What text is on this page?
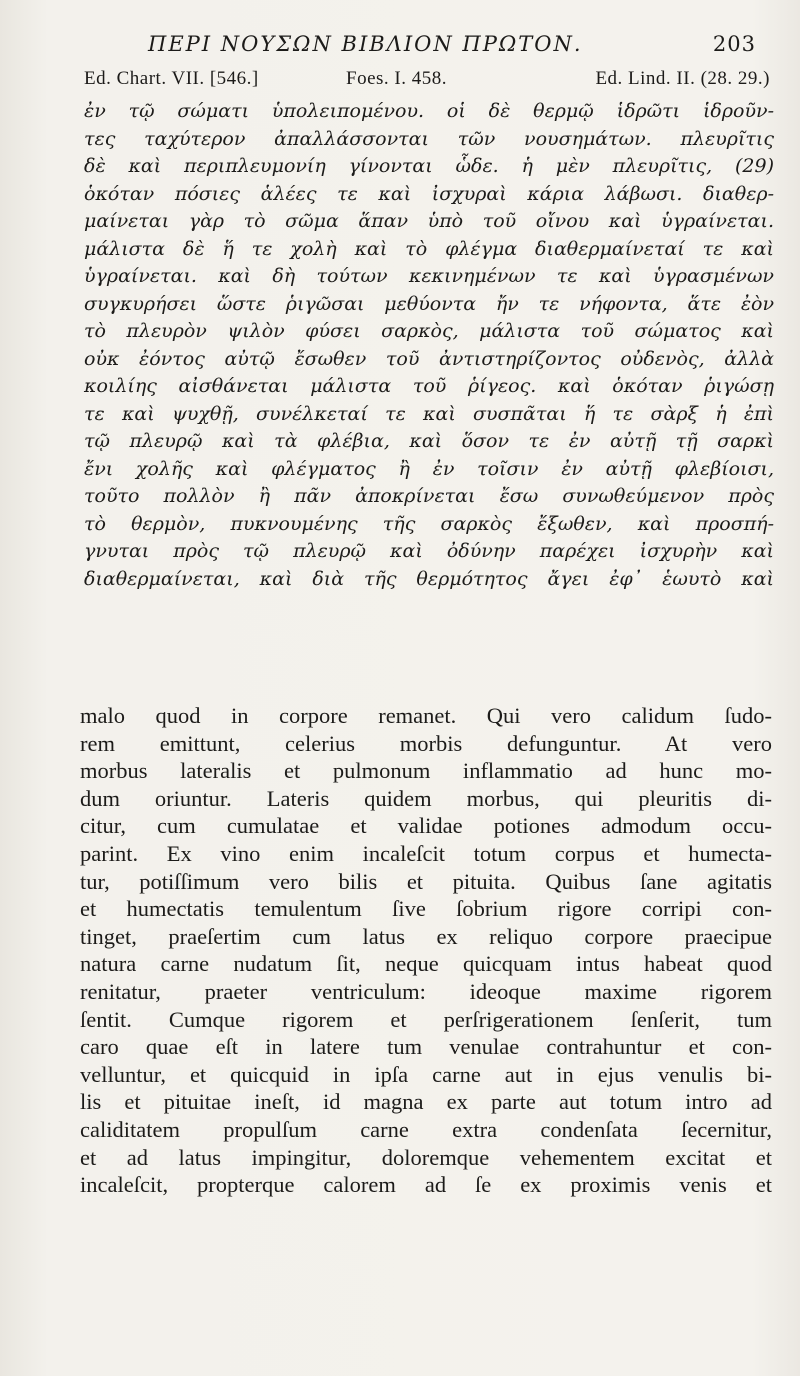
ΠΕΡΙ ΝΟΥΣΩΝ ΒΙΒΛΙΟΝ ΠΡΩΤΟΝ.	203
Ed. Chart. VII. [546.]	Foes. I. 458.	Ed. Lind. II. (28. 29.)
ἐν τῷ σώματι ὑπολειπομένου. οἱ δὲ θερμῷ ἱδρῶτι ἱδροῦν-
τες ταχύτερον ἀπαλλάσσονται τῶν νουσημάτων. πλευρῖτις
δὲ καὶ περιπλευμονίη γίνονται ὧδε. ἡ μὲν πλευρῖτις, (29)
ὁκόταν πόσιες ἁλέες τε καὶ ἰσχυραὶ κάρια λάβωσι. διαθερ-
μαίνεται γὰρ τὸ σῶμα ἅπαν ὑπὸ τοῦ οἴνου καὶ ὑγραίνεται.
μάλιστα δὲ ἥ τε χολὴ καὶ τὸ φλέγμα διαθερμαίνεταί τε καὶ
ὑγραίνεται. καὶ δὴ τούτων κεκινημένων τε καὶ ὑγρασμένων
συγκυρήσει ὥστε ῥιγῶσαι μεθύοντα ἤν τε νήφοντα, ἅτε ἐὸν
τὸ πλευρὸν ψιλὸν φύσει σαρκὸς, μάλιστα τοῦ σώματος καὶ
οὐκ ἐόντος αὐτῷ ἔσωθεν τοῦ ἀντιστηρίζοντος οὐδενὸς, ἀλλὰ
κοιλίης αἰσθάνεται μάλιστα τοῦ ῥίγεος. καὶ ὁκόταν ῥιγώσῃ
τε καὶ ψυχθῇ, συνέλκεταί τε καὶ συσπᾶται ἥ τε σὰρξ ἡ ἐπὶ
τῷ πλευρῷ καὶ τὰ φλέβια, καὶ ὅσον τε ἐν αὐτῇ τῇ σαρκὶ
ἔνι χολῆς καὶ φλέγματος ἢ ἐν τοῖσιν ἐν αὐτῇ φλεβίοισι,
τοῦτο πολλὸν ἢ πᾶν ἀποκρίνεται ἔσω συνωθεύμενον πρὸς
τὸ θερμὸν, πυκνουμένης τῆς σαρκὸς ἔξωθεν, καὶ προσπή-
γνυται πρὸς τῷ πλευρῷ καὶ ὀδύνην παρέχει ἰσχυρὴν καὶ
διαθερμαίνεται, καὶ διὰ τῆς θερμότητος ἄγει ἐφ᾽ ἑωυτὸ καὶ
malo quod in corpore remanet. Qui vero calidum ſudo-
rem emittunt, celerius morbis defunguntur. At vero
morbus lateralis et pulmonum inflammatio ad hunc mo-
dum oriuntur. Lateris quidem morbus, qui pleuritis di-
citur, cum cumulatae et validae potiones admodum occu-
parint. Ex vino enim incaleſcit totum corpus et humecta-
tur, potiſſimum vero bilis et pituita. Quibus ſane agitatis
et humectatis temulentum ſive ſobrium rigore corripi con-
tinget, praeſertim cum latus ex reliquo corpore praecipue
natura carne nudatum ſit, neque quicquam intus habeat quod
renitatur, praeter ventriculum: ideoque maxime rigorem
ſentit. Cumque rigorem et perſrigerationem ſenſerit, tum
caro quae eſt in latere tum venulae contrahuntur et con-
velluntur, et quicquid in ipſa carne aut in ejus venulis bi-
lis et pituitae ineſt, id magna ex parte aut totum intro ad
caliditatem propulſum carne extra condenſata ſecernitur,
et ad latus impingitur, doloremque vehementem excitat et
incaleſcit, propterque calorem ad ſe ex proximis venis et
